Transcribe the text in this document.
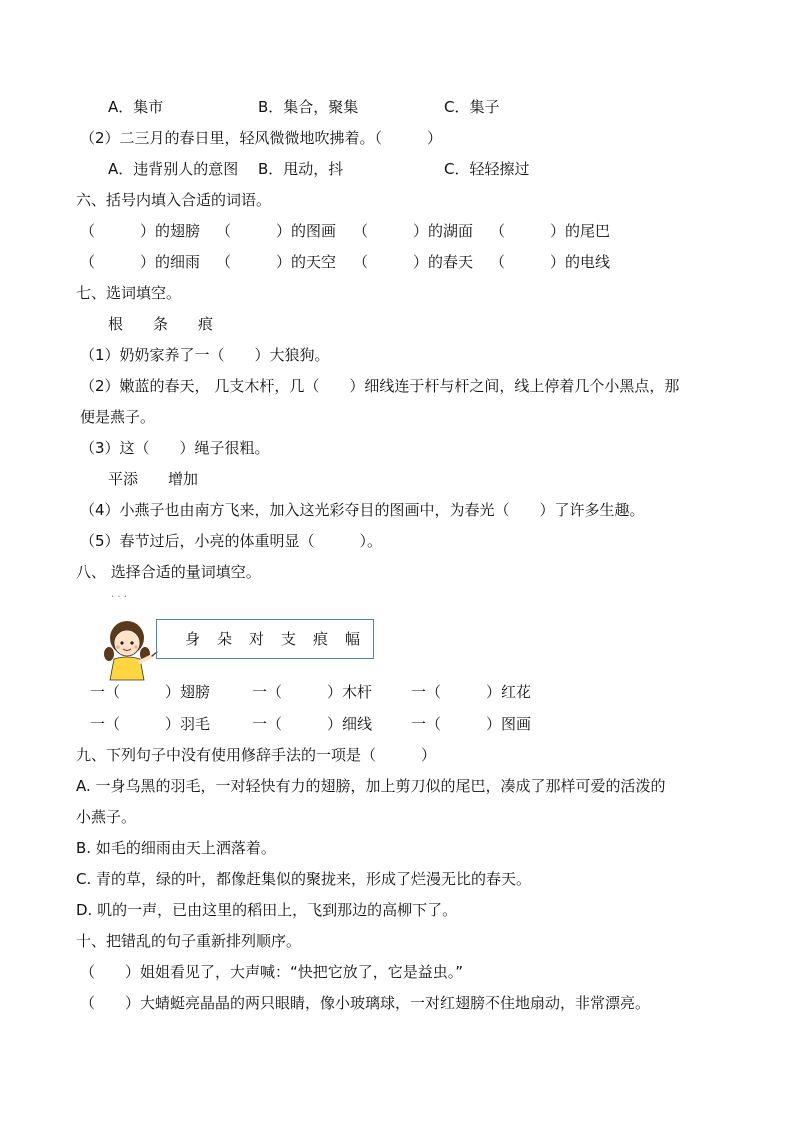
A．集市	B．集合，聚集	C．集子
（2）二三月的春日里，轻风微微地吹拂着。（　　　）
A．违背别人的意图 B．甩动，抖	C．轻轻擦过
六、括号内填入合适的词语。
（　　　）的翅膀 （　　　）的图画 （　　　）的湖面 （　　　）的尾巴
（　　　）的细雨 （　　　）的天空 （　　　）的春天 （　　　）的电线
七、选词填空。
根　　条　　痕
（1）奶奶家养了一（　　）大狼狗。
（2）嫩蓝的春天， 几支木杆，几（　　）细线连于杆与杆之间，线上停着几个小黑点，那
便是燕子。
（3）这（　　）绳子很粗。
平添　　增加
（4）小燕子也由南方飞来，加入这光彩夺目的图画中，为春光（　　）了许多生趣。
（5）春节过后，小亮的体重明显（　　　）。
八、 选择合适的量词填空。
· · ·
身 朵 对 支 痕 幅
一（　　　）翅膀	一（　　　）木杆	一（　　　）红花
一（　　　）羽毛	一（　　　）细线	一（　　　）图画
九、下列句子中没有使用修辞手法的一项是（　　　）
A. 一身乌黑的羽毛，一对轻快有力的翅膀，加上剪刀似的尾巴，凑成了那样可爱的活泼的
小燕子。
B. 如毛的细雨由天上洒落着。
C. 青的草，绿的叶，都像赶集似的聚拢来，形成了烂漫无比的春天。
D. 叽的一声，已由这里的稻田上，飞到那边的高柳下了。
十、把错乱的句子重新排列顺序。
（　　）姐姐看见了，大声喊：“快把它放了，它是益虫。”
（　　）大蜻蜓亮晶晶的两只眼睛，像小玻璃球，一对红翅膀不住地扇动，非常漂亮。
